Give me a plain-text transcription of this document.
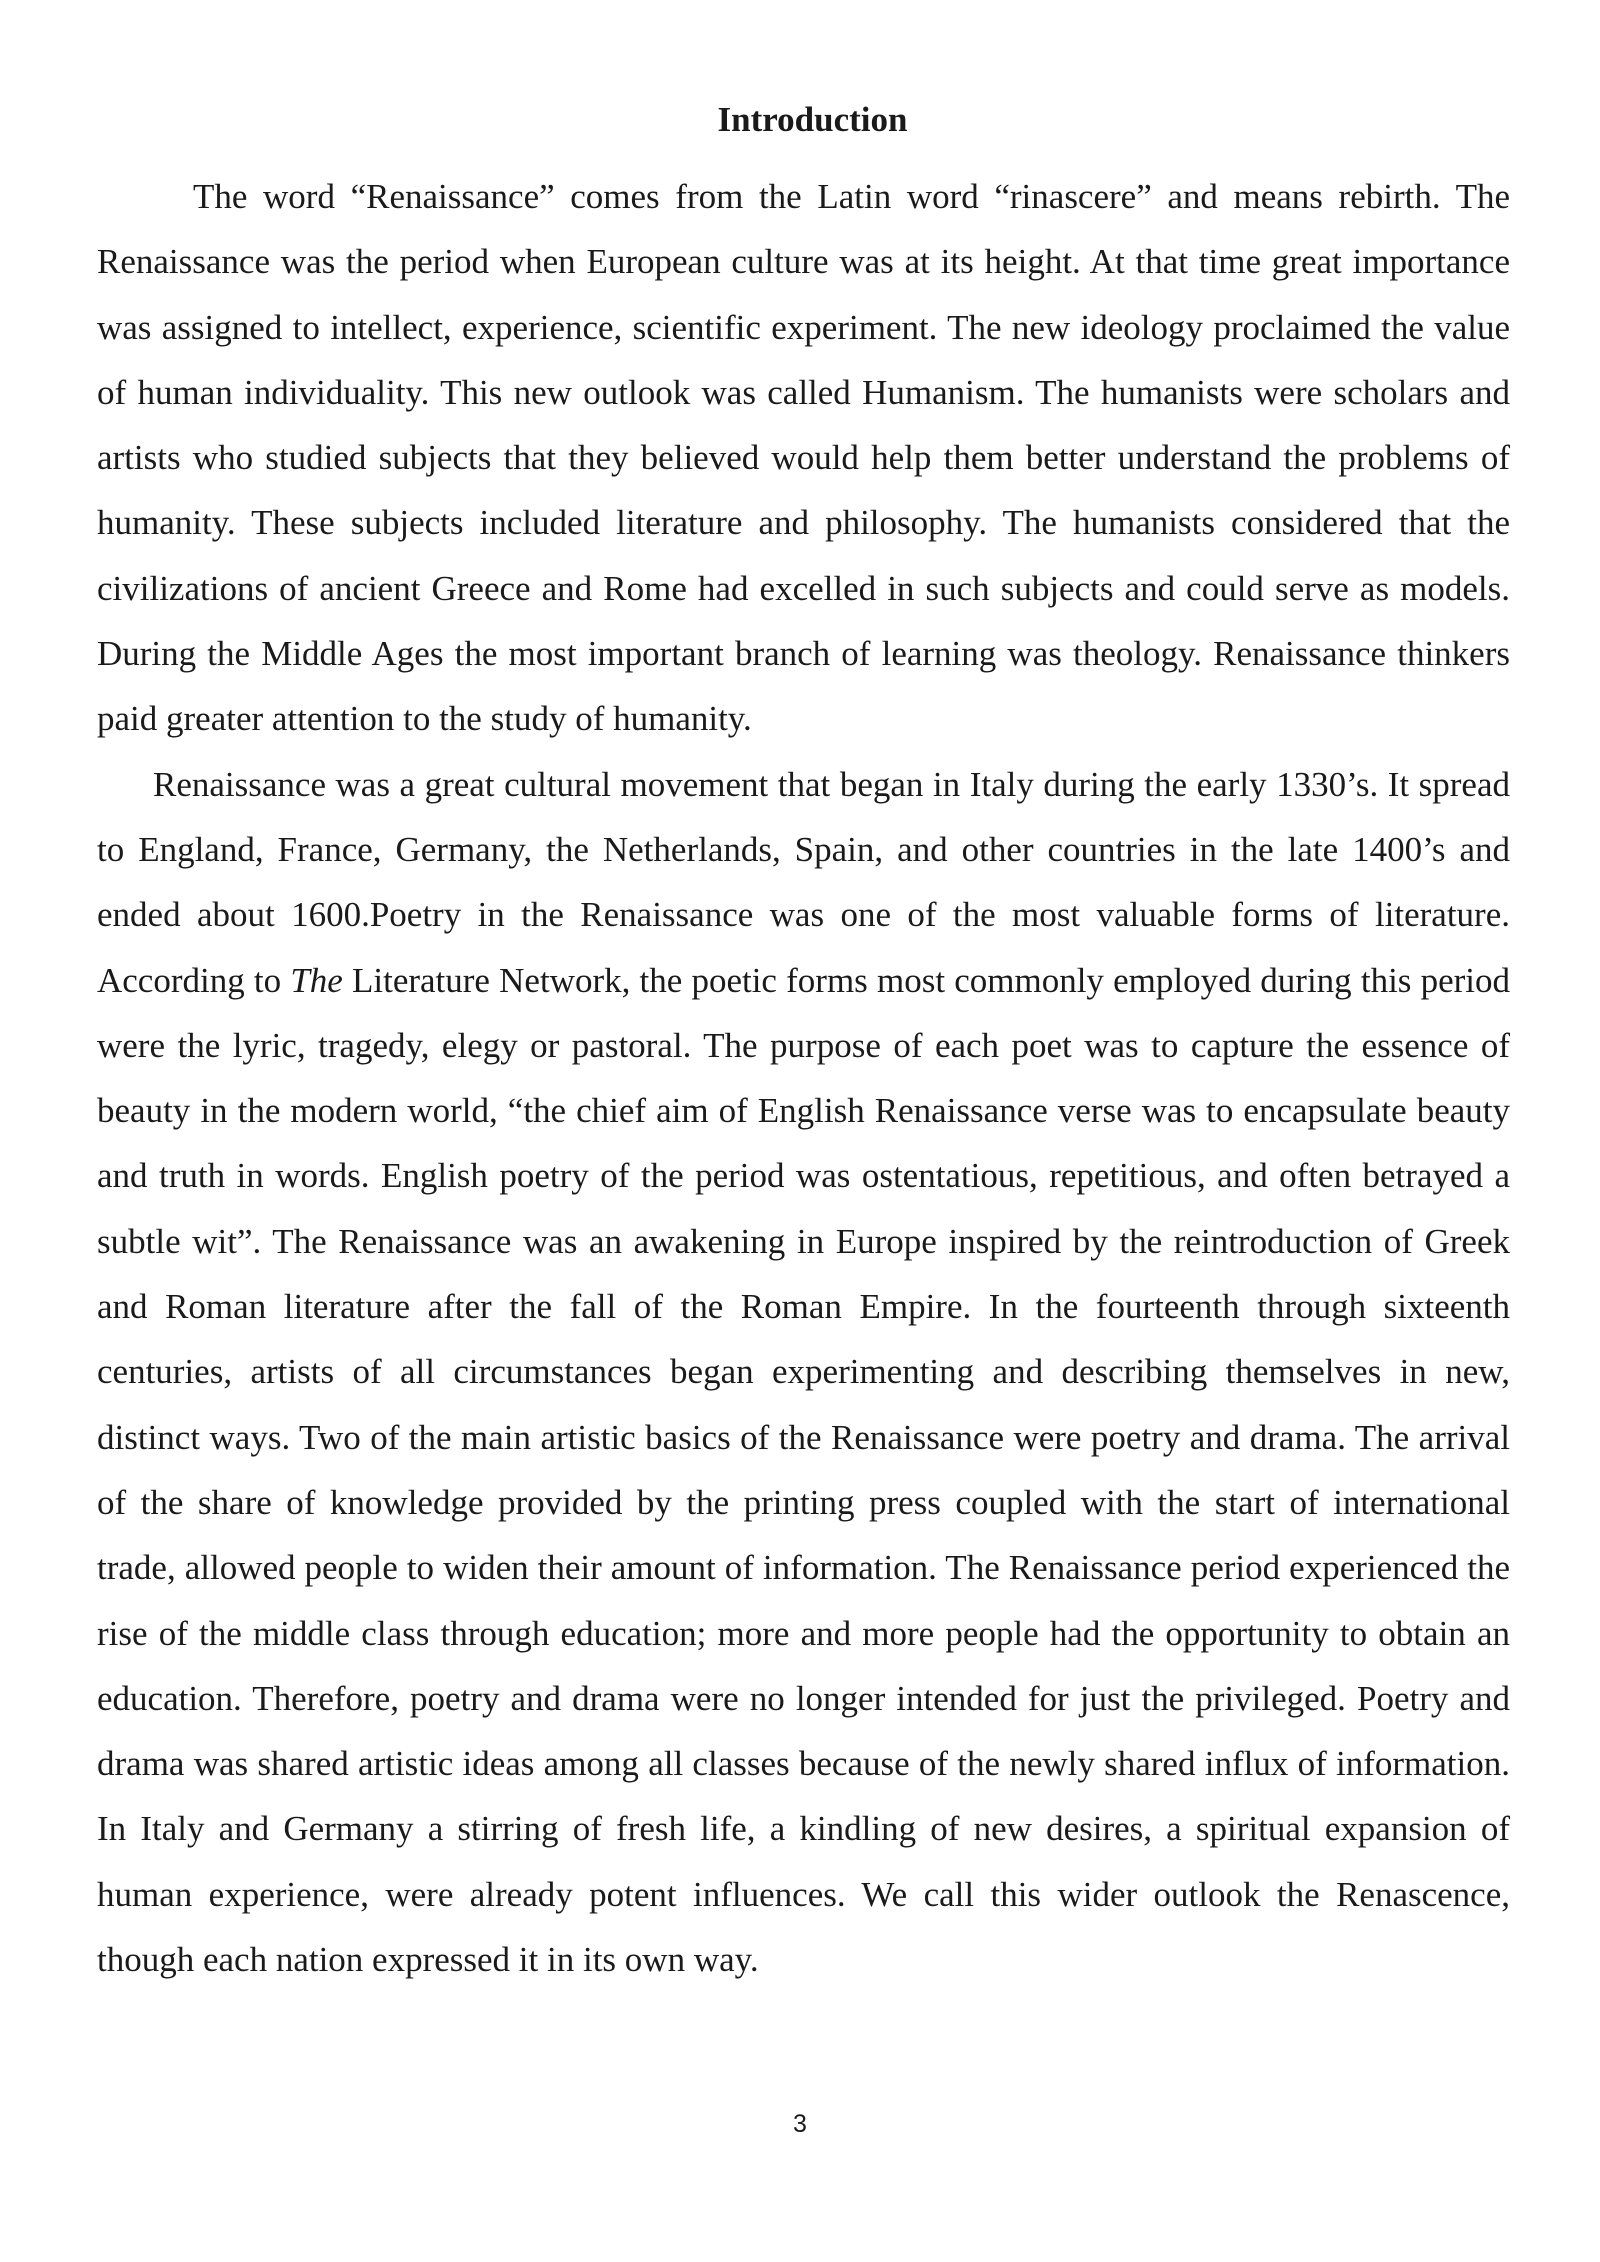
Introduction

The word “Renaissance” comes from the Latin word “rinascere” and means rebirth. The Renaissance was the period when European culture was at its height. At that time great importance was assigned to intellect, experience, scientific experiment. The new ideology proclaimed the value of human individuality. This new outlook was called Humanism. The humanists were scholars and artists who studied subjects that they believed would help them better understand the problems of humanity. These subjects included literature and philosophy. The humanists considered that the civilizations of ancient Greece and Rome had excelled in such subjects and could serve as models. During the Middle Ages the most important branch of learning was theology. Renaissance thinkers paid greater attention to the study of humanity.

Renaissance was a great cultural movement that began in Italy during the early 1330’s. It spread to England, France, Germany, the Netherlands, Spain, and other countries in the late 1400’s and ended about 1600.Poetry in the Renaissance was one of the most valuable forms of literature. According to The Literature Network, the poetic forms most commonly employed during this period were the lyric, tragedy, elegy or pastoral. The purpose of each poet was to capture the essence of beauty in the modern world, “the chief aim of English Renaissance verse was to encapsulate beauty and truth in words. English poetry of the period was ostentatious, repetitious, and often betrayed a subtle wit”. The Renaissance was an awakening in Europe inspired by the reintroduction of Greek and Roman literature after the fall of the Roman Empire. In the fourteenth through sixteenth centuries, artists of all circumstances began experimenting and describing themselves in new, distinct ways. Two of the main artistic basics of the Renaissance were poetry and drama. The arrival of the share of knowledge provided by the printing press coupled with the start of international trade, allowed people to widen their amount of information. The Renaissance period experienced the rise of the middle class through education; more and more people had the opportunity to obtain an education. Therefore, poetry and drama were no longer intended for just the privileged. Poetry and drama was shared artistic ideas among all classes because of the newly shared influx of information. In Italy and Germany a stirring of fresh life, a kindling of new desires, a spiritual expansion of human experience, were already potent influences. We call this wider outlook the Renascence, though each nation expressed it in its own way.

3
